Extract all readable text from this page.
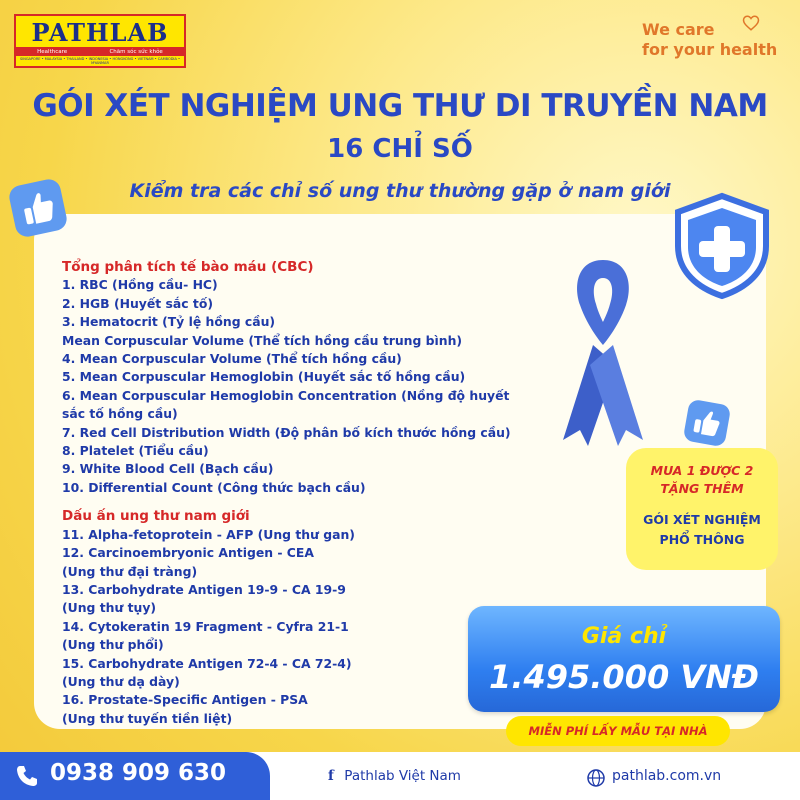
PATHLAB
Healthcare	Chăm sóc sức khỏe
SINGAPORE • MALAYSIA • THAILAND • INDONESIA • HONGKONG • VIETNAM • CAMBODIA • MYANMAR
We care
for your health
GÓI XÉT NGHIỆM UNG THƯ DI TRUYỀN NAM
16 CHỈ SỐ
Kiểm tra các chỉ số ung thư thường gặp ở nam giới
Tổng phân tích tế bào máu (CBC)
1. RBC (Hồng cầu- HC)
2. HGB (Huyết sắc tố)
3. Hematocrit (Tỷ lệ hồng cầu)
Mean Corpuscular Volume (Thể tích hồng cầu trung bình)
4. Mean Corpuscular Volume (Thể tích hồng cầu)
5. Mean Corpuscular Hemoglobin (Huyết sắc tố hồng cầu)
6. Mean Corpuscular Hemoglobin Concentration (Nồng độ huyết
sắc tố hồng cầu)
7. Red Cell Distribution Width (Độ phân bố kích thước hồng cầu)
8. Platelet (Tiểu cầu)
9. White Blood Cell (Bạch cầu)
10. Differential Count (Công thức bạch cầu)
Dấu ấn ung thư nam giới
11. Alpha-fetoprotein - AFP (Ung thư gan)
12. Carcinoembryonic Antigen - CEA
(Ung thư đại tràng)
13. Carbohydrate Antigen 19-9 - CA 19-9
(Ung thư tụy)
14. Cytokeratin 19 Fragment - Cyfra 21-1
(Ung thư phổi)
15. Carbohydrate Antigen 72-4 - CA 72-4)
(Ung thư dạ dày)
16. Prostate-Specific Antigen - PSA
(Ung thư tuyến tiền liệt)
MUA 1 ĐƯỢC 2
TẶNG THÊM
GÓI XÉT NGHIỆM
PHỔ THÔNG
Giá chỉ
1.495.000 VNĐ
MIỄN PHÍ LẤY MẪU TẠI NHÀ
0938 909 630	f Pathlab Việt Nam	pathlab.com.vn
